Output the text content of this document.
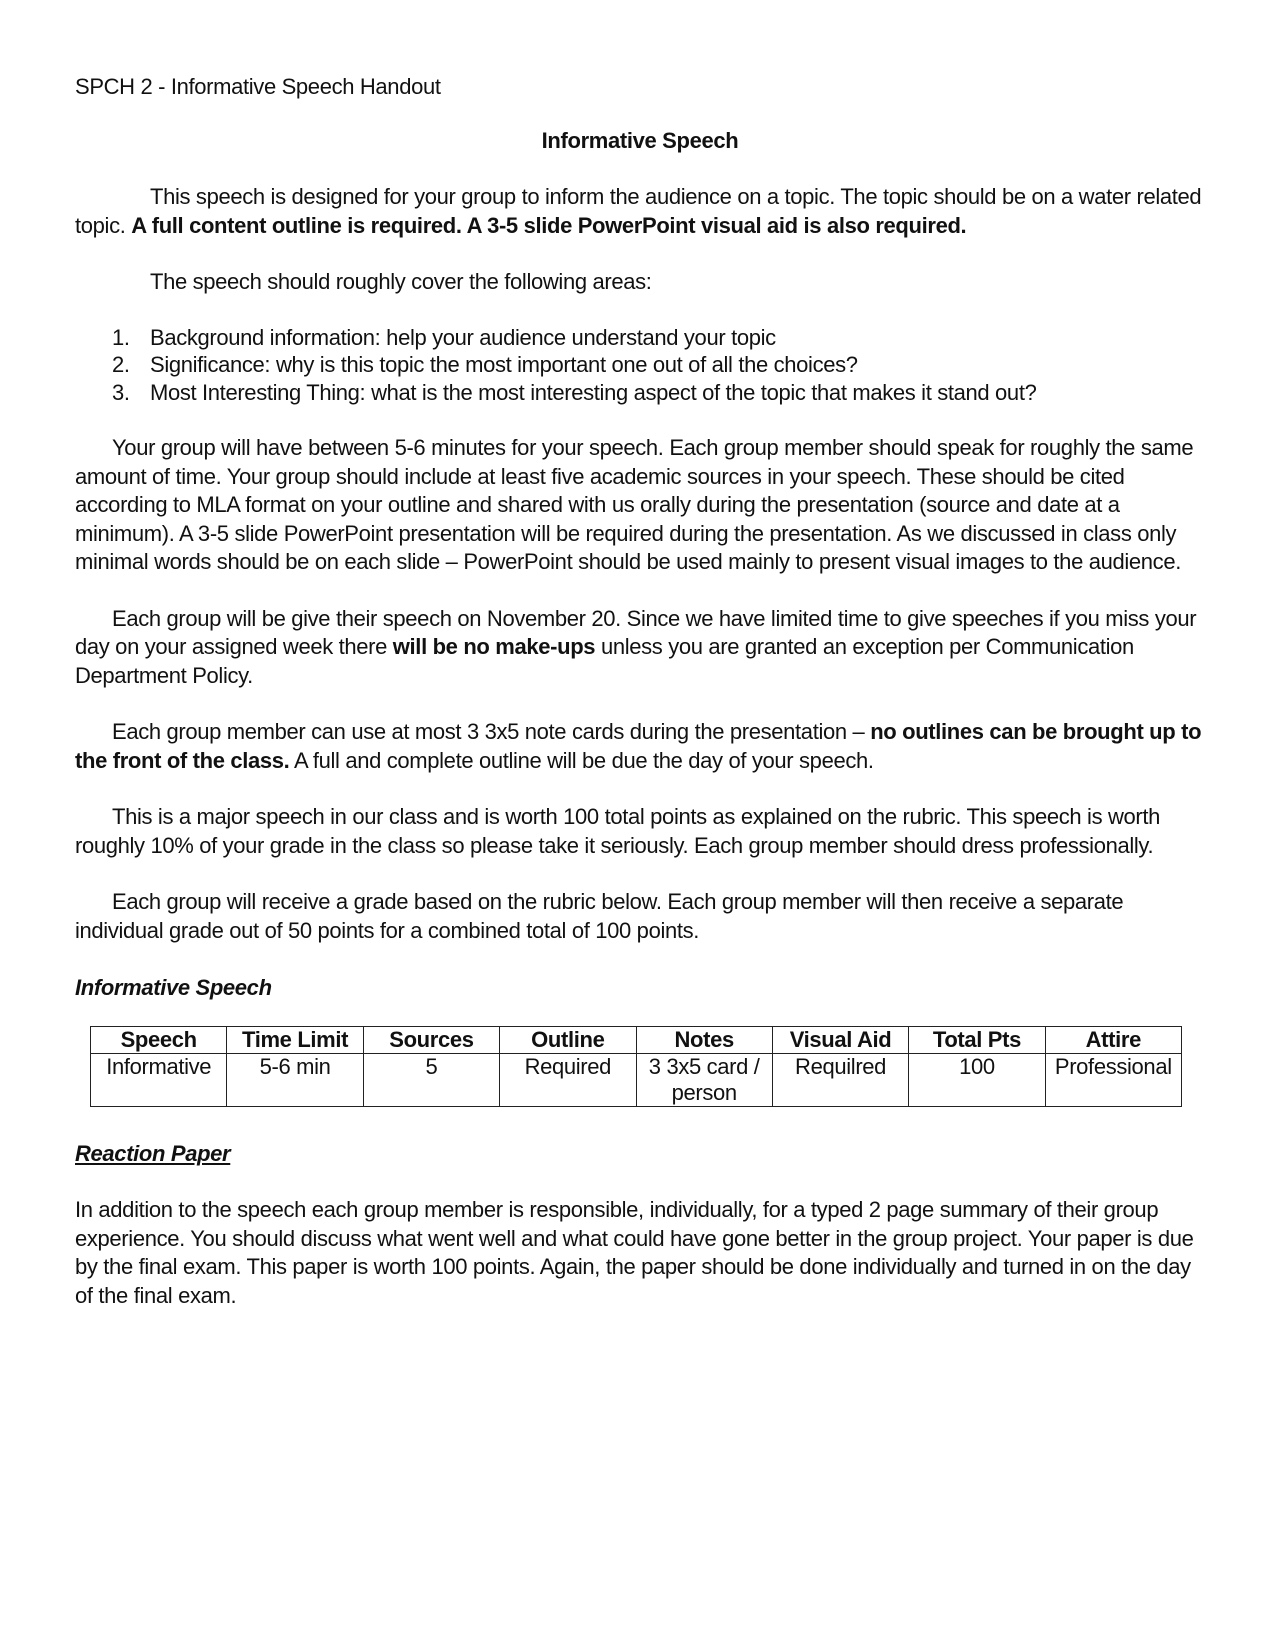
SPCH 2 - Informative Speech Handout

Informative Speech

This speech is designed for your group to inform the audience on a topic. The topic should be on a water related topic. A full content outline is required. A 3-5 slide PowerPoint visual aid is also required.

The speech should roughly cover the following areas:

1. Background information: help your audience understand your topic
2. Significance: why is this topic the most important one out of all the choices?
3. Most Interesting Thing: what is the most interesting aspect of the topic that makes it stand out?

Your group will have between 5-6 minutes for your speech. Each group member should speak for roughly the same amount of time. Your group should include at least five academic sources in your speech. These should be cited according to MLA format on your outline and shared with us orally during the presentation (source and date at a minimum). A 3-5 slide PowerPoint presentation will be required during the presentation. As we discussed in class only minimal words should be on each slide – PowerPoint should be used mainly to present visual images to the audience.

Each group will be give their speech on November 20. Since we have limited time to give speeches if you miss your day on your assigned week there will be no make-ups unless you are granted an exception per Communication Department Policy.

Each group member can use at most 3 3x5 note cards during the presentation – no outlines can be brought up to the front of the class. A full and complete outline will be due the day of your speech.

This is a major speech in our class and is worth 100 total points as explained on the rubric. This speech is worth roughly 10% of your grade in the class so please take it seriously. Each group member should dress professionally.

Each group will receive a grade based on the rubric below. Each group member will then receive a separate individual grade out of 50 points for a combined total of 100 points.

Informative Speech

Speech	Time Limit	Sources	Outline	Notes	Visual Aid	Total Pts	Attire
Informative	5-6 min	5	Required	3 3x5 card / person	Requilred	100	Professional

Reaction Paper

In addition to the speech each group member is responsible, individually, for a typed 2 page summary of their group experience. You should discuss what went well and what could have gone better in the group project. Your paper is due by the final exam. This paper is worth 100 points. Again, the paper should be done individually and turned in on the day of the final exam.
